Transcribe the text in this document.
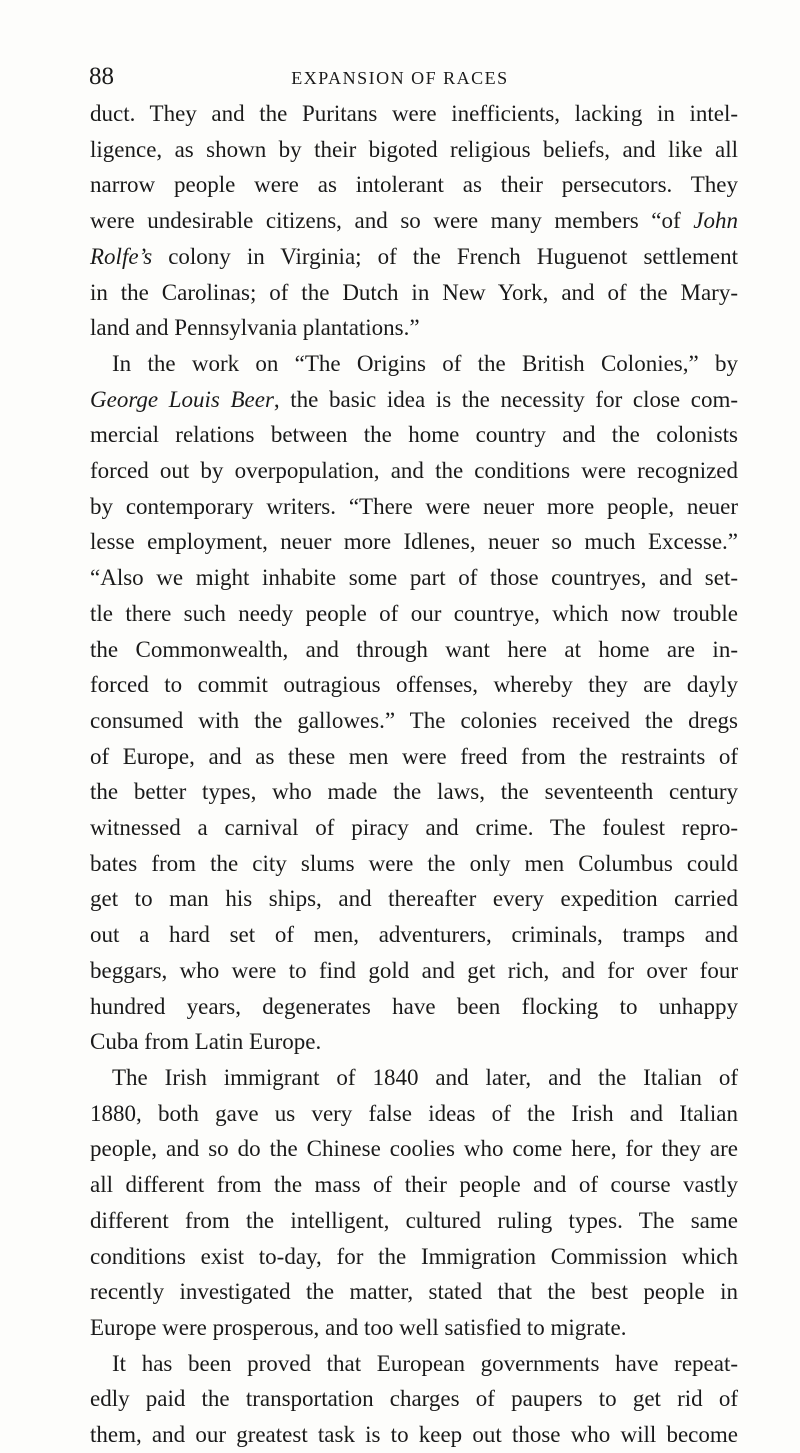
88	EXPANSION OF RACES
duct. They and the Puritans were inefficients, lacking in intel-
ligence, as shown by their bigoted religious beliefs, and like all
narrow people were as intolerant as their persecutors. They
were undesirable citizens, and so were many members “of John
Rolfe’s colony in Virginia; of the French Huguenot settlement
in the Carolinas; of the Dutch in New York, and of the Mary-
land and Pennsylvania plantations.”
In the work on “The Origins of the British Colonies,” by
George Louis Beer, the basic idea is the necessity for close com-
mercial relations between the home country and the colonists
forced out by overpopulation, and the conditions were recognized
by contemporary writers. “There were neuer more people, neuer
lesse employment, neuer more Idlenes, neuer so much Excesse.”
“Also we might inhabite some part of those countryes, and set-
tle there such needy people of our countrye, which now trouble
the Commonwealth, and through want here at home are in-
forced to commit outragious offenses, whereby they are dayly
consumed with the gallowes.” The colonies received the dregs
of Europe, and as these men were freed from the restraints of
the better types, who made the laws, the seventeenth century
witnessed a carnival of piracy and crime. The foulest repro-
bates from the city slums were the only men Columbus could
get to man his ships, and thereafter every expedition carried
out a hard set of men, adventurers, criminals, tramps and
beggars, who were to find gold and get rich, and for over four
hundred years, degenerates have been flocking to unhappy
Cuba from Latin Europe.
The Irish immigrant of 1840 and later, and the Italian of
1880, both gave us very false ideas of the Irish and Italian
people, and so do the Chinese coolies who come here, for they are
all different from the mass of their people and of course vastly
different from the intelligent, cultured ruling types. The same
conditions exist to-day, for the Immigration Commission which
recently investigated the matter, stated that the best people in
Europe were prosperous, and too well satisfied to migrate.
It has been proved that European governments have repeat-
edly paid the transportation charges of paupers to get rid of
them, and our greatest task is to keep out those who will become
